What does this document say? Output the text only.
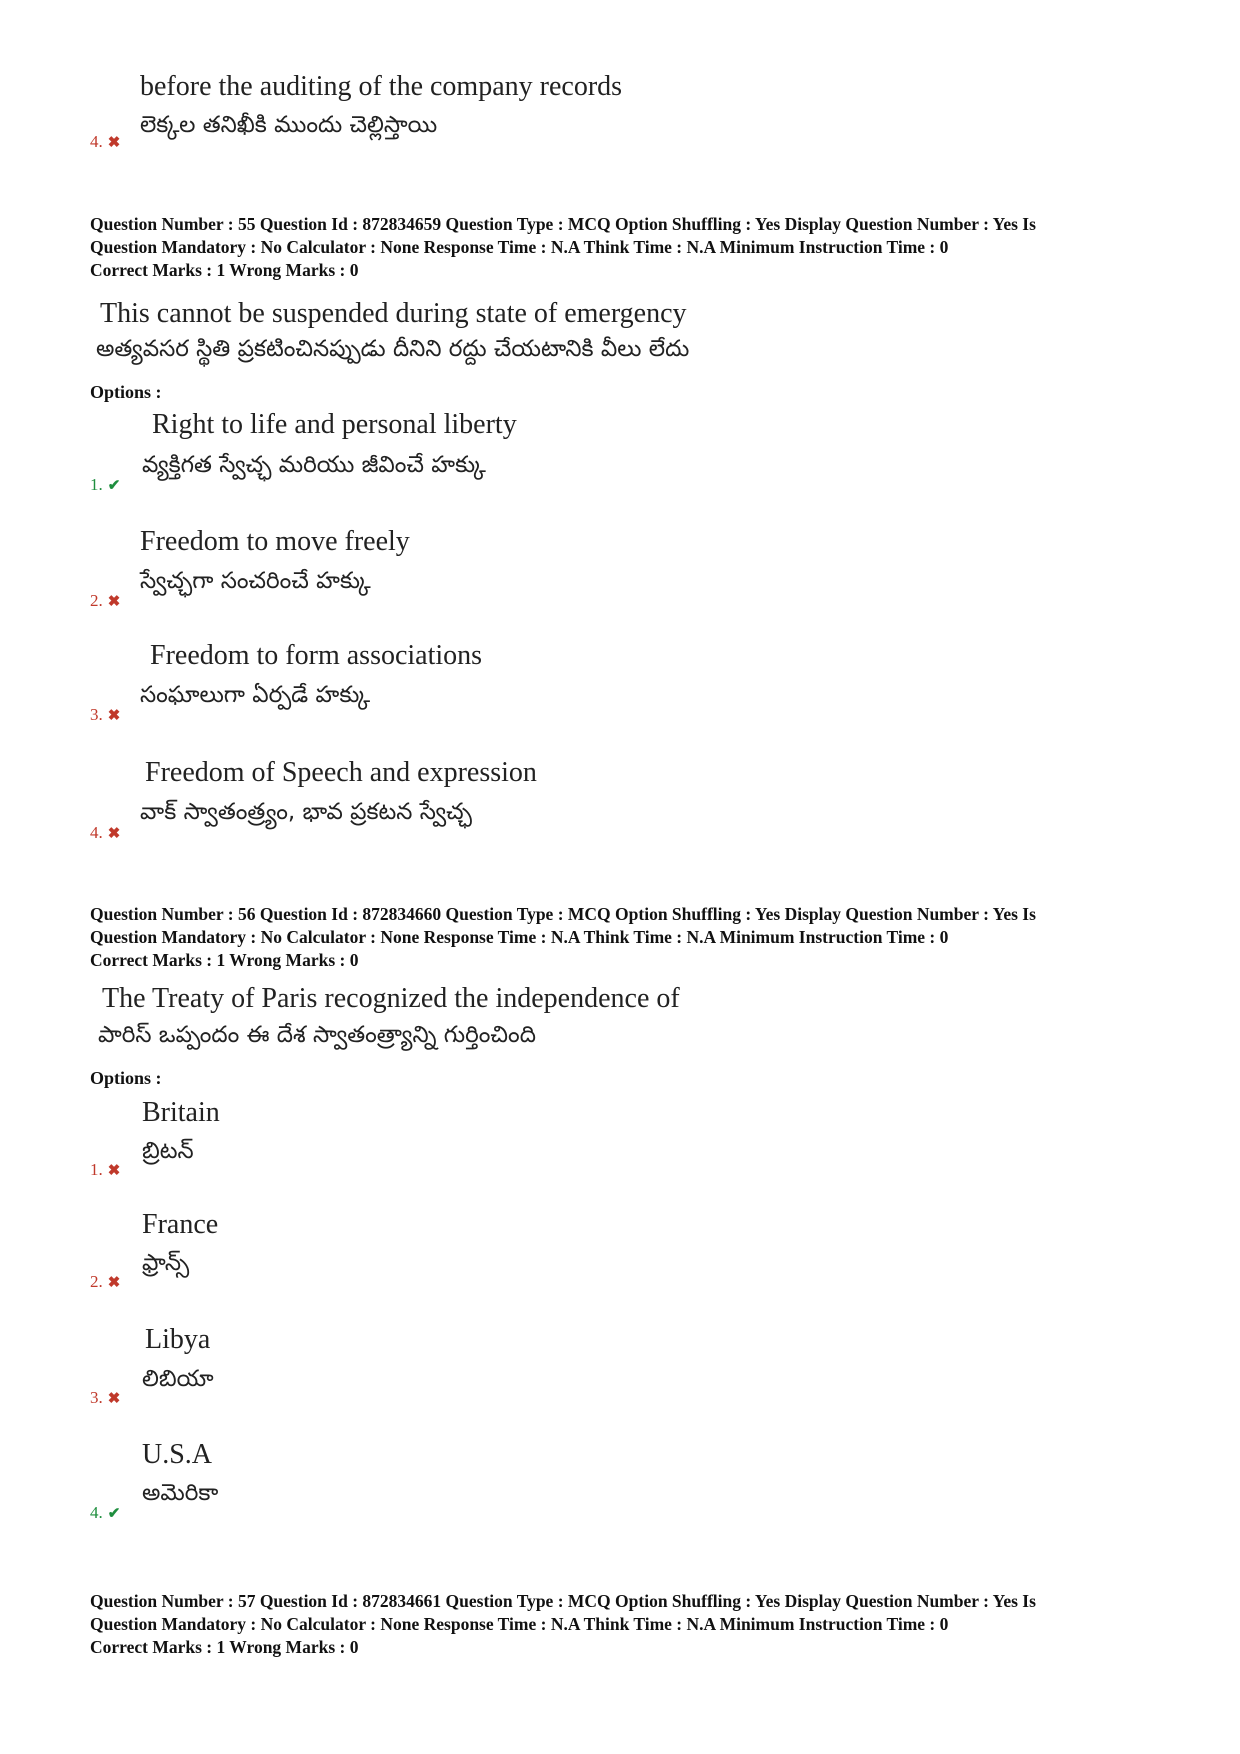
before the auditing of the company records
లెక్కల తనిఖీకి ముందు చెల్లిస్తాయి
4. ✖

Question Number : 55 Question Id : 872834659 Question Type : MCQ Option Shuffling : Yes Display Question Number : Yes Is

Question Mandatory : No Calculator : None Response Time : N.A Think Time : N.A Minimum Instruction Time : 0

Correct Marks : 1 Wrong Marks : 0

This cannot be suspended during state of emergency
అత్యవసర స్థితి ప్రకటించినప్పుడు దీనిని రద్దు చేయటానికి వీలు లేదు
Options :
Right to life and personal liberty
వ్యక్తిగత స్వేచ్ఛ మరియు జీవించే హక్కు
1. ✔
Freedom to move freely
స్వేచ్ఛగా సంచరించే హక్కు
2. ✖
Freedom to form associations
సంఘాలుగా ఏర్పడే హక్కు
3. ✖
Freedom of Speech and expression
వాక్ స్వాతంత్ర్యం, భావ ప్రకటన స్వేచ్ఛ
4. ✖

Question Number : 56 Question Id : 872834660 Question Type : MCQ Option Shuffling : Yes Display Question Number : Yes Is

Question Mandatory : No Calculator : None Response Time : N.A Think Time : N.A Minimum Instruction Time : 0

Correct Marks : 1 Wrong Marks : 0

The Treaty of Paris recognized the independence of
పారిస్ ఒప్పందం ఈ దేశ స్వాతంత్ర్యాన్ని గుర్తించింది
Options :
Britain
బ్రిటన్
1. ✖
France
ఫ్రాన్స్
2. ✖
Libya
లిబియా
3. ✖
U.S.A
అమెరికా
4. ✔

Question Number : 57 Question Id : 872834661 Question Type : MCQ Option Shuffling : Yes Display Question Number : Yes Is

Question Mandatory : No Calculator : None Response Time : N.A Think Time : N.A Minimum Instruction Time : 0

Correct Marks : 1 Wrong Marks : 0
